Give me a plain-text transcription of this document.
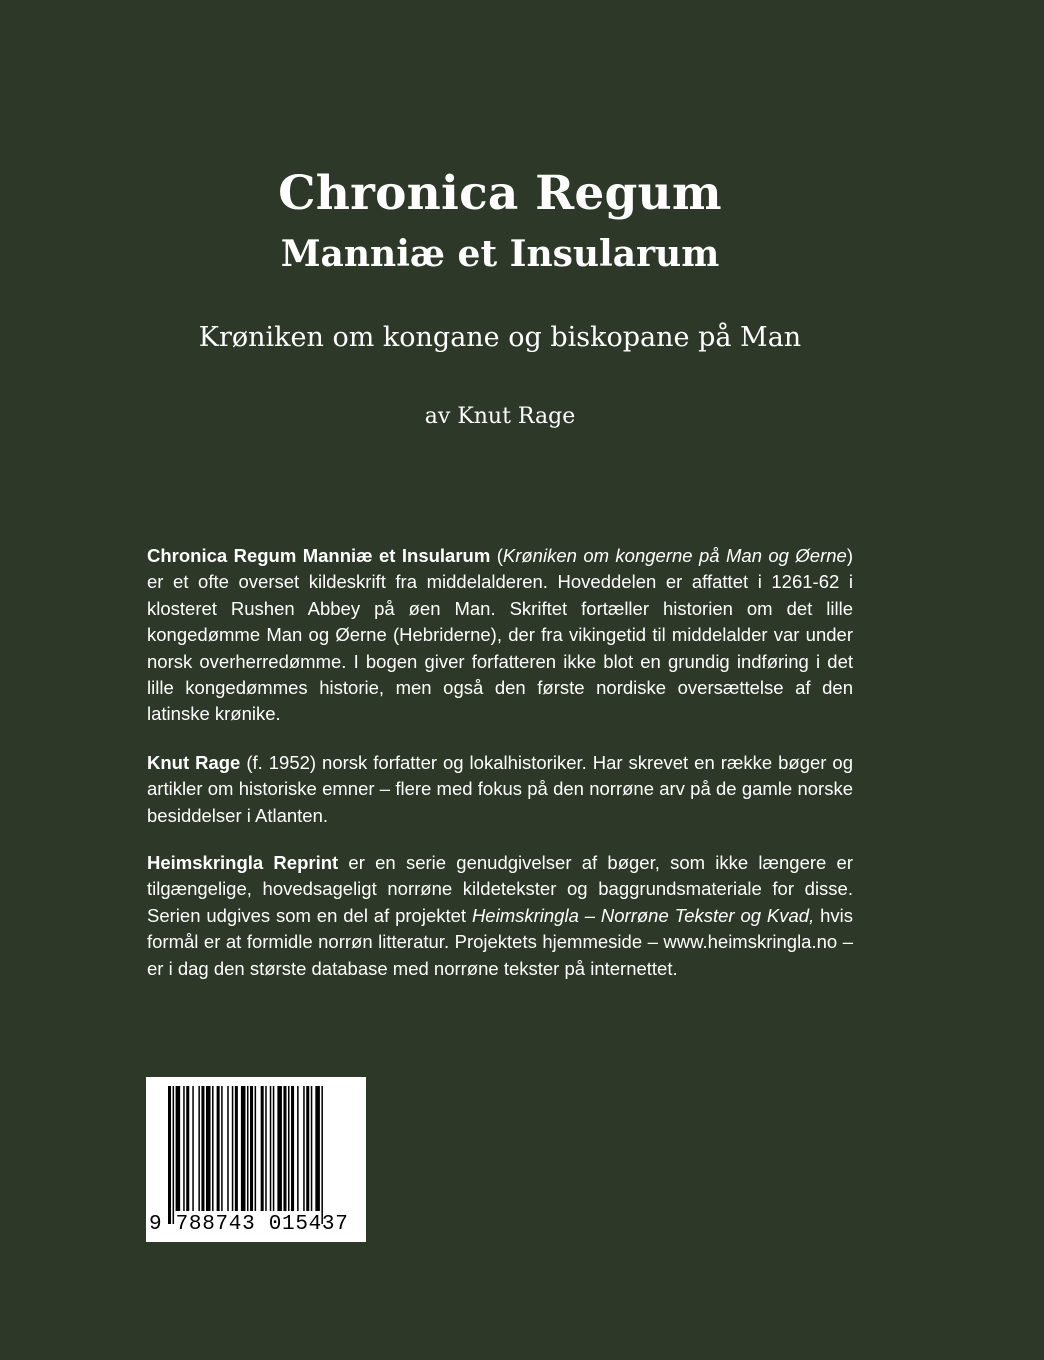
Chronica Regum
Manniæ et Insularum
Krøniken om kongane og biskopane på Man
av Knut Rage
Chronica Regum Manniæ et Insularum (Krøniken om kongerne på Man og Øerne) er et ofte overset kildeskrift fra middelalderen. Hoveddelen er affattet i 1261-62 i klosteret Rushen Abbey på øen Man. Skriftet fortæller historien om det lille kongedømme Man og Øerne (Hebriderne), der fra vikingetid til middelalder var under norsk overherredømme. I bogen giver forfatteren ikke blot en grundig indføring i det lille kongedømmes historie, men også den første nordiske oversættelse af den latinske krønike.
Knut Rage (f. 1952) norsk forfatter og lokalhistoriker. Har skrevet en række bøger og artikler om historiske emner – flere med fokus på den norrøne arv på de gamle norske besiddelser i Atlanten.
Heimskringla Reprint er en serie genudgivelser af bøger, som ikke længere er tilgængelige, hovedsageligt norrøne kildetekster og baggrundsmateriale for disse. Serien udgives som en del af projektet Heimskringla – Norrøne Tekster og Kvad, hvis formål er at formidle norrøn litteratur. Projektets hjemmeside – www.heimskringla.no – er i dag den største database med norrøne tekster på internettet.
9 788743 015437
